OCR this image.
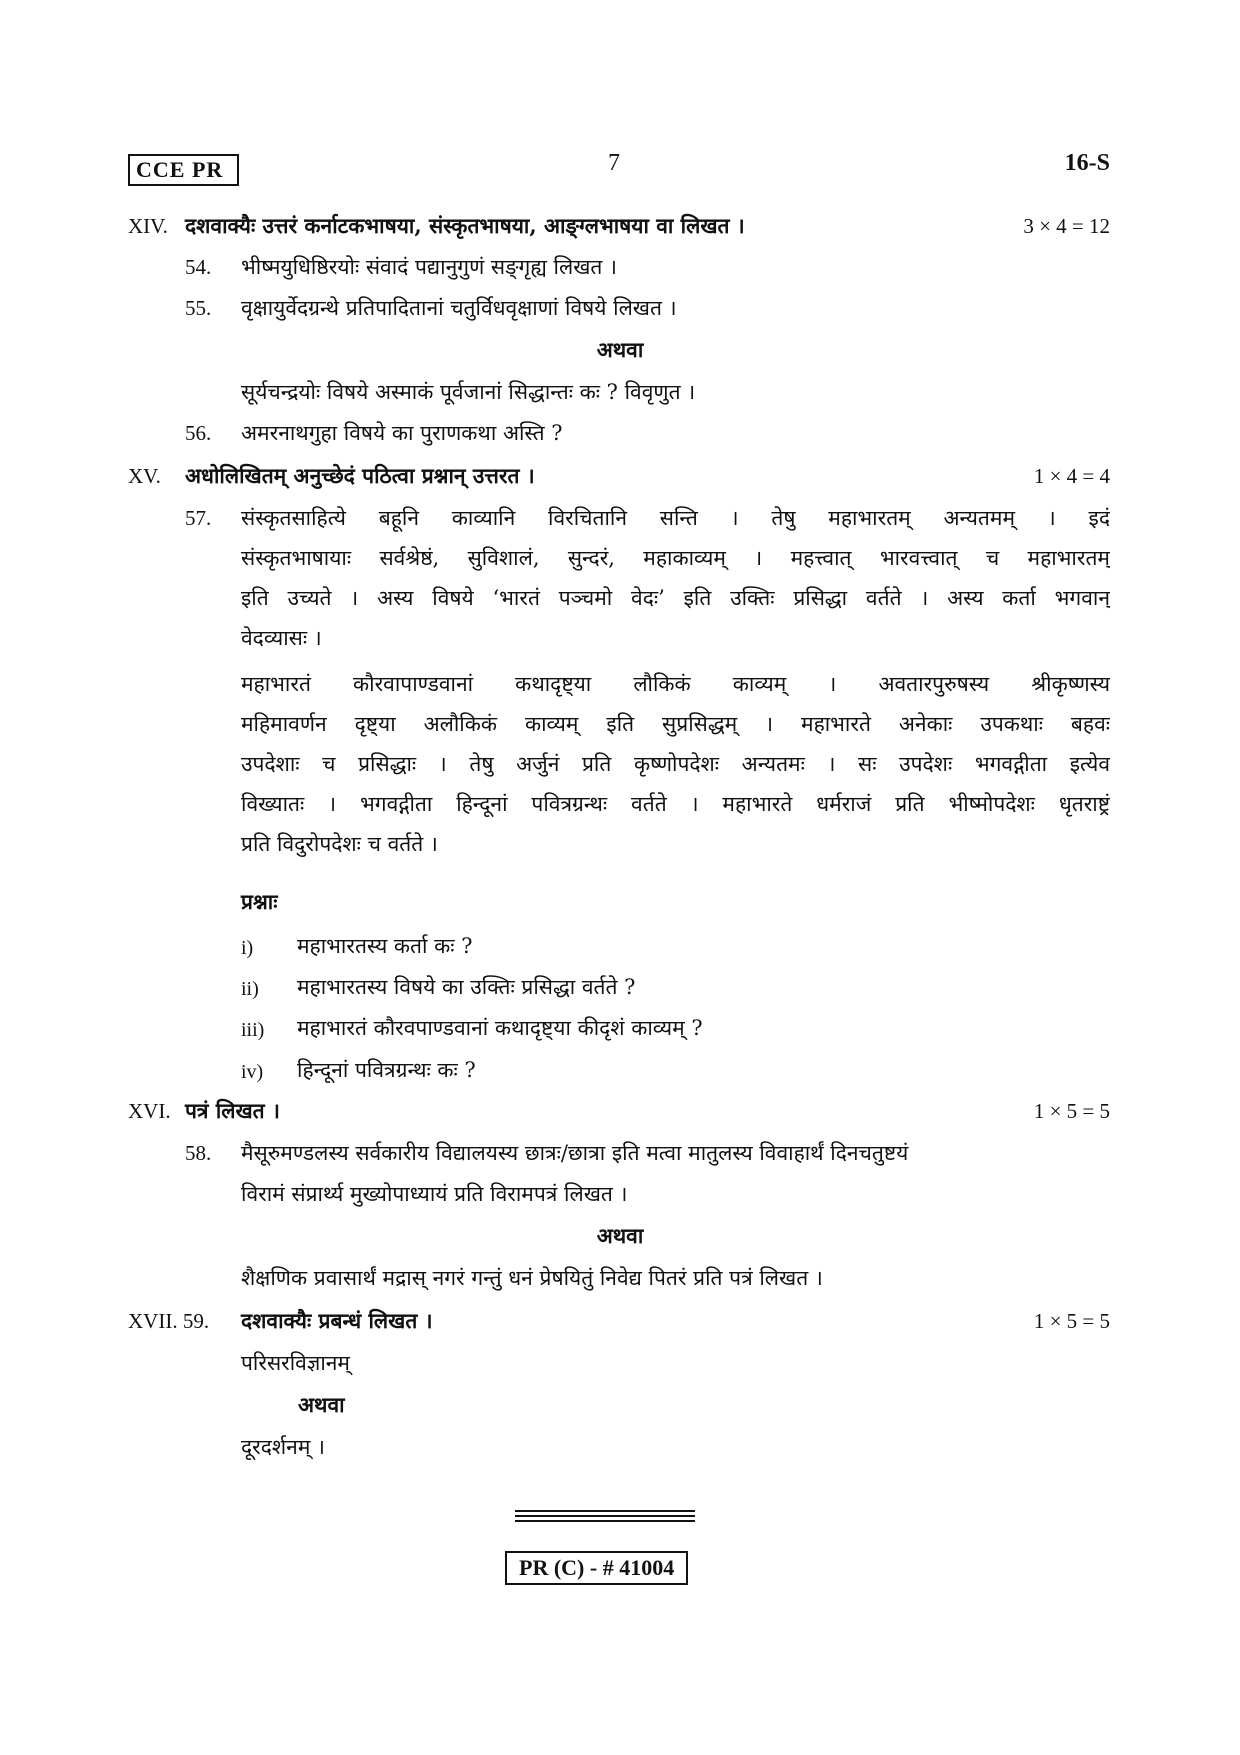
CCE PR	7	16-S
XIV. दशवाक्यैः उत्तरं कर्नाटकभाषया, संस्कृतभाषया, आङ्ग्लभाषया वा लिखत ।	3 × 4 = 12
54. भीष्मयुधिष्ठिरयोः संवादं पद्यानुगुणं सङ्गृह्य लिखत ।
55. वृक्षायुर्वेदग्रन्थे प्रतिपादितानां चतुर्विधवृक्षाणां विषये लिखत ।
अथवा
सूर्यचन्द्रयोः विषये अस्माकं पूर्वजानां सिद्धान्तः कः ? विवृणुत ।
56. अमरनाथगुहा विषये का पुराणकथा अस्ति ?
XV. अधोलिखितम् अनुच्छेदं पठित्वा प्रश्नान् उत्तरत ।	1 × 4 = 4
57. संस्कृतसाहित्ये बहूनि काव्यानि विरचितानि सन्ति । तेषु महाभारतम् अन्यतमम् । इदं
संस्कृतभाषायाः सर्वश्रेष्ठं, सुविशालं, सुन्दरं, महाकाव्यम् । महत्त्वात् भारवत्त्वात् च महाभारतम्
इति उच्यते । अस्य विषये ‘भारतं पञ्चमो वेदः’ इति उक्तिः प्रसिद्धा वर्तते । अस्य कर्ता भगवान्
वेदव्यासः ।
महाभारतं कौरवापाण्डवानां कथादृष्ट्या लौकिकं काव्यम् । अवतारपुरुषस्य श्रीकृष्णस्य
महिमावर्णन दृष्ट्या अलौकिकं काव्यम् इति सुप्रसिद्धम् । महाभारते अनेकाः उपकथाः बहवः
उपदेशाः च प्रसिद्धाः । तेषु अर्जुनं प्रति कृष्णोपदेशः अन्यतमः । सः उपदेशः भगवद्गीता इत्येव
विख्यातः । भगवद्गीता हिन्दूनां पवित्रग्रन्थः वर्तते । महाभारते धर्मराजं प्रति भीष्मोपदेशः धृतराष्ट्रं
प्रति विदुरोपदेशः च वर्तते ।
प्रश्नाः
i) महाभारतस्य कर्ता कः ?
ii) महाभारतस्य विषये का उक्तिः प्रसिद्धा वर्तते ?
iii) महाभारतं कौरवपाण्डवानां कथादृष्ट्या कीदृशं काव्यम् ?
iv) हिन्दूनां पवित्रग्रन्थः कः ?
XVI. पत्रं लिखत ।	1 × 5 = 5
58. मैसूरुमण्डलस्य सर्वकारीय विद्यालयस्य छात्रः/छात्रा इति मत्वा मातुलस्य विवाहार्थं दिनचतुष्टयं
विरामं संप्रार्थ्य मुख्योपाध्यायं प्रति विरामपत्रं लिखत ।
अथवा
शैक्षणिक प्रवासार्थं मद्रास् नगरं गन्तुं धनं प्रेषयितुं निवेद्य पितरं प्रति पत्रं लिखत ।
XVII. 59. दशवाक्यैः प्रबन्धं लिखत ।	1 × 5 = 5
परिसरविज्ञानम्
अथवा
दूरदर्शनम् ।
PR (C) - # 41004
